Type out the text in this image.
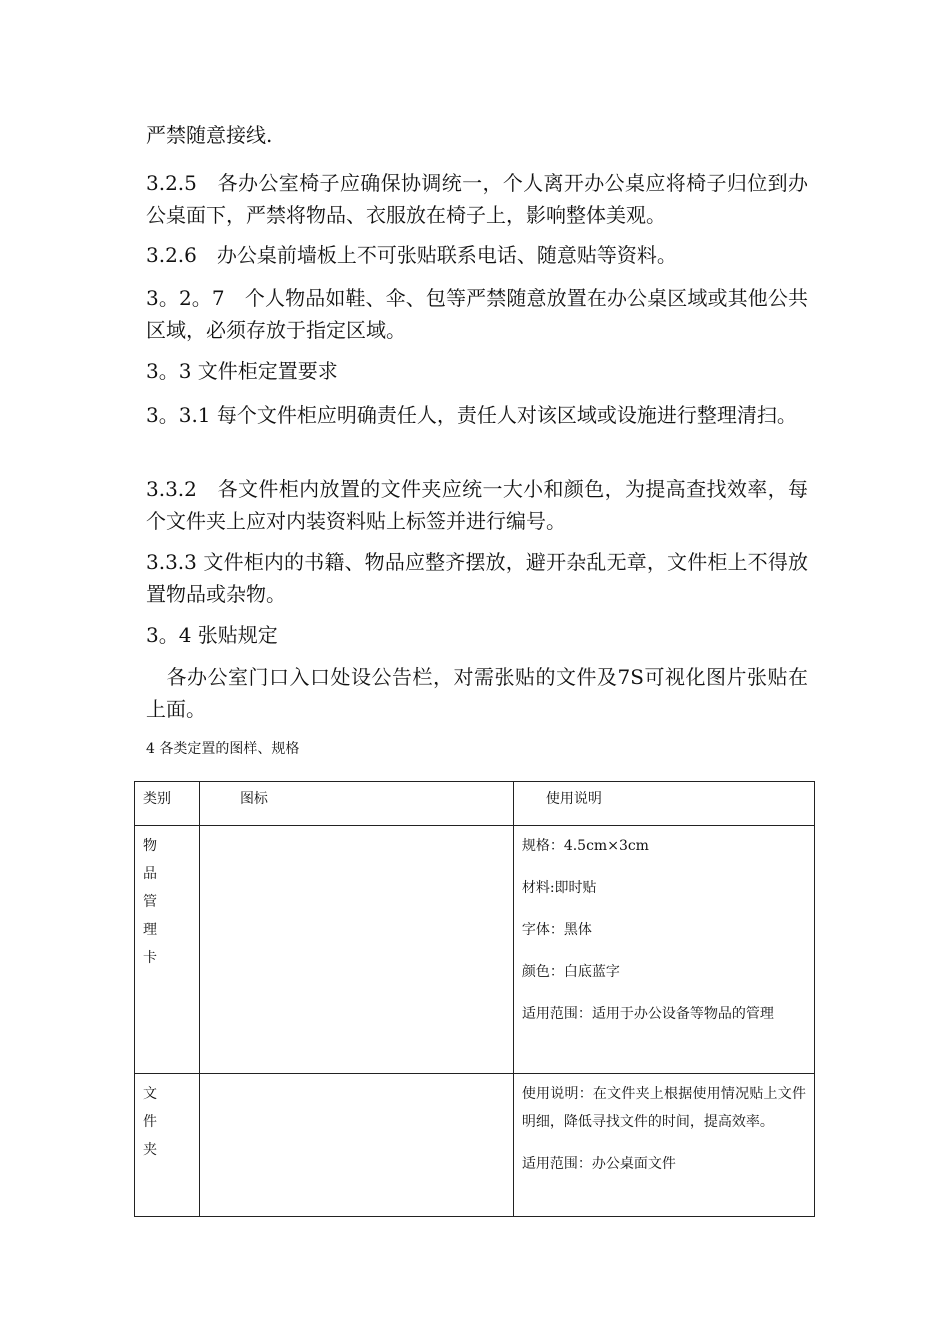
严禁随意接线.

3.2.5　各办公室椅子应确保协调统一，个人离开办公桌应将椅子归位到办公桌面下，严禁将物品、衣服放在椅子上，影响整体美观。

3.2.6　办公桌前墙板上不可张贴联系电话、随意贴等资料。

3。2。7　个人物品如鞋、伞、包等严禁随意放置在办公桌区域或其他公共区域，必须存放于指定区域。

3。3 文件柜定置要求

3。3.1 每个文件柜应明确责任人，责任人对该区域或设施进行整理清扫。

3.3.2　各文件柜内放置的文件夹应统一大小和颜色，为提高查找效率，每个文件夹上应对内装资料贴上标签并进行编号。

3.3.3 文件柜内的书籍、物品应整齐摆放，避开杂乱无章，文件柜上不得放置物品或杂物。

3。4 张贴规定

　各办公室门口入口处设公告栏，对需张贴的文件及7S可视化图片张贴在上面。

4 各类定置的图样、规格

类别	图标	使用说明

物品管理卡		规格：4.5cm×3cm

材料:即时贴

字体：黑体

颜色：白底蓝字

适用范围：适用于办公设备等物品的管理

文件夹		使用说明：在文件夹上根据使用情况贴上文件明细，降低寻找文件的时间，提高效率。

适用范围：办公桌面文件
